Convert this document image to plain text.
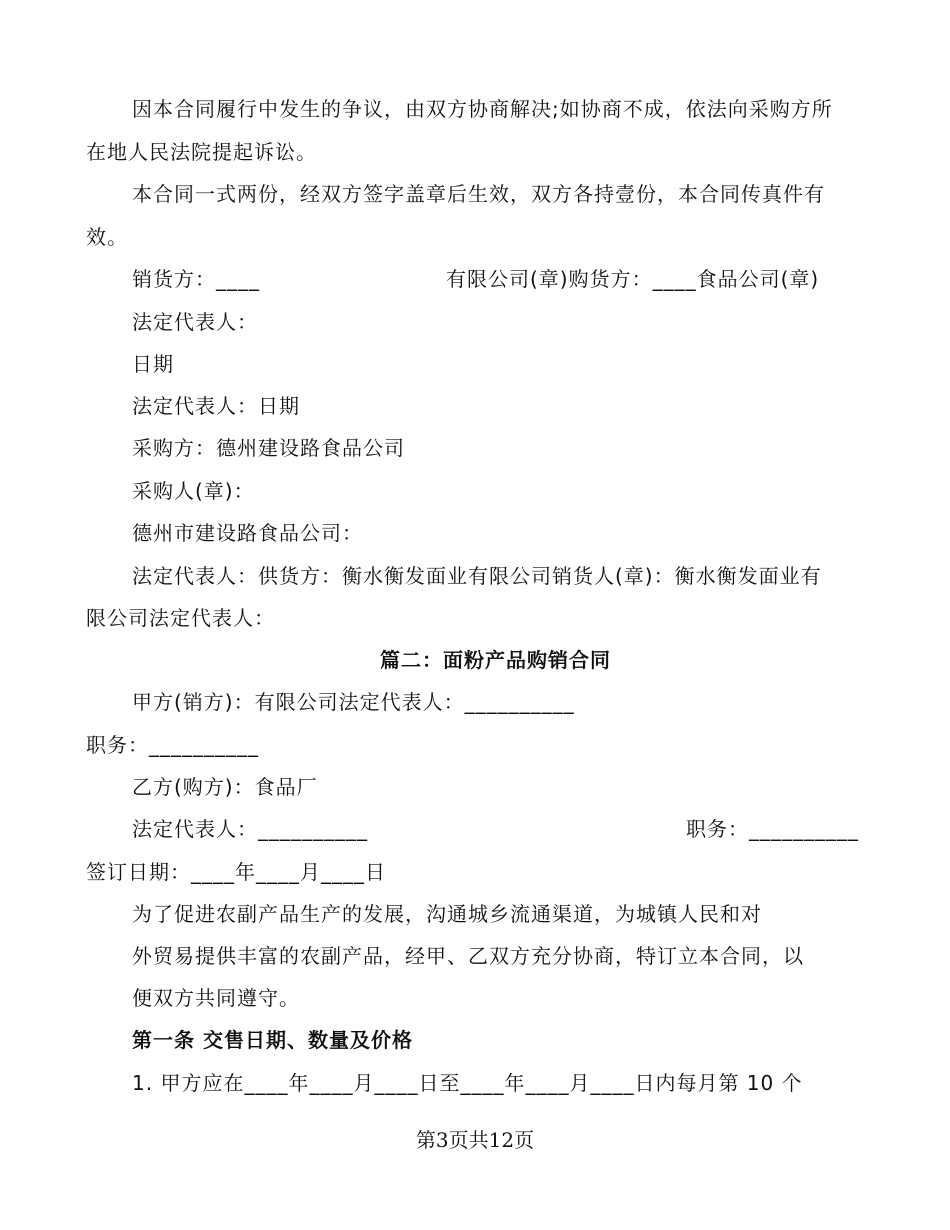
因本合同履行中发生的争议，由双方协商解决;如协商不成，依法向采购方所
在地人民法院提起诉讼。
本合同一式两份，经双方签字盖章后生效，双方各持壹份，本合同传真件有
效。
销货方：____	有限公司(章)购货方：____食品公司(章)
法定代表人：
日期
法定代表人：日期
采购方：德州建设路食品公司
采购人(章)：
德州市建设路食品公司：
法定代表人：供货方：衡水衡发面业有限公司销货人(章)：衡水衡发面业有
限公司法定代表人：
篇二：面粉产品购销合同
甲方(销方)：有限公司法定代表人：__________
职务：__________
乙方(购方)：食品厂
法定代表人：__________	职务：__________
签订日期：____年____月____日
为了促进农副产品生产的发展，沟通城乡流通渠道，为城镇人民和对
外贸易提供丰富的农副产品，经甲、乙双方充分协商，特订立本合同，以
便双方共同遵守。
第一条 交售日期、数量及价格
1. 甲方应在____年____月____日至____年____月____日内每月第 10 个
第3页共12页
